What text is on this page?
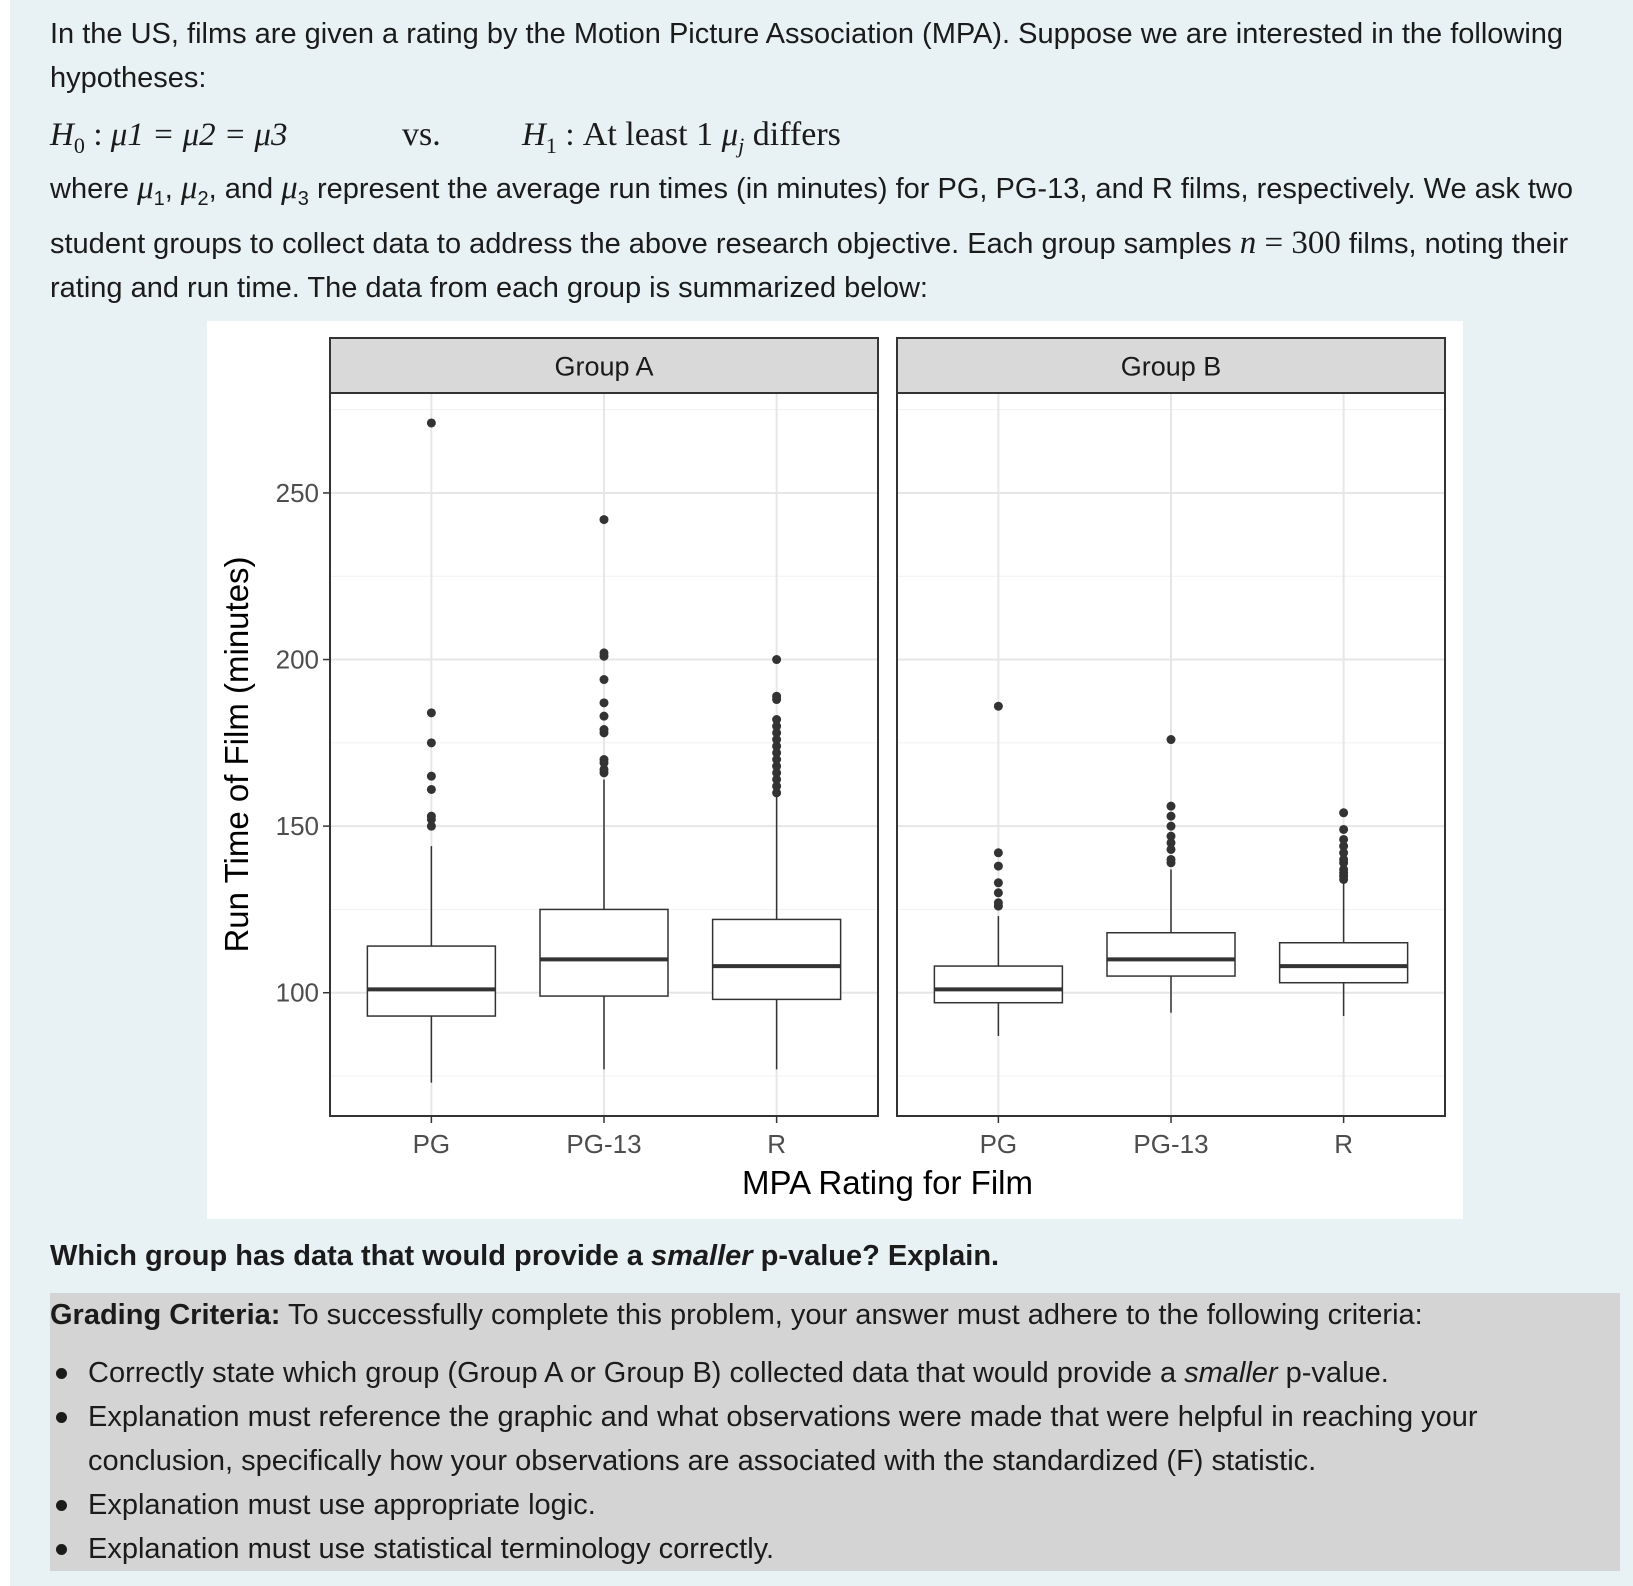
In the US, films are given a rating by the Motion Picture Association (MPA). Suppose we are interested in the following hypotheses:

$H_0$ : μ1 = μ2 = μ3	vs. $H_1$ : At least 1 $\mu_j$ differs

where $\mu_1$, $\mu_2$, and $\mu_3$ represent the average run times (in minutes) for PG, PG-13, and R films, respectively. We ask two student groups to collect data to address the above research objective. Each group samples n = 300 films, noting their rating and run time. The data from each group is summarized below:

100
150
200
250
PG	PG-13	R
Group A
PG	PG-13	R
Group B
MPA Rating for Film
Run Time of Film (minutes)
Which group has data that would provide a smaller p-value? Explain.
Grading Criteria: To successfully complete this problem, your answer must adhere to the following criteria:
Correctly state which group (Group A or Group B) collected data that would provide a smaller p-value.
Explanation must reference the graphic and what observations were made that were helpful in reaching your conclusion, specifically how your observations are associated with the standardized (F) statistic.
Explanation must use appropriate logic.
Explanation must use statistical terminology correctly.
